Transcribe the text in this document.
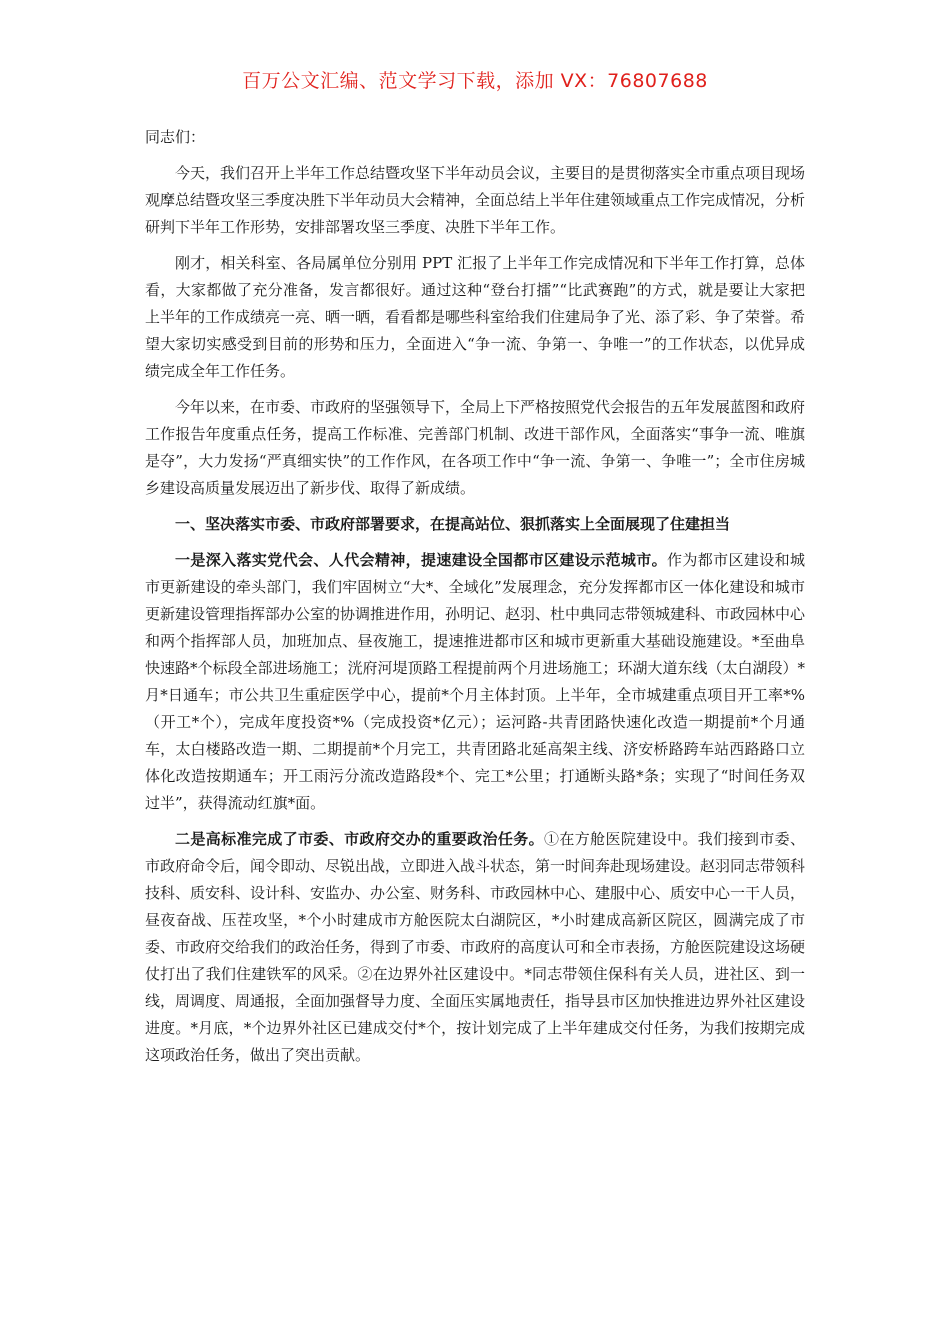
百万公文汇编、范文学习下载，添加 VX：76807688

同志们：

今天，我们召开上半年工作总结暨攻坚下半年动员会议，主要目的是贯彻落实全市重点项目现场观摩总结暨攻坚三季度决胜下半年动员大会精神，全面总结上半年住建领域重点工作完成情况，分析研判下半年工作形势，安排部署攻坚三季度、决胜下半年工作。

刚才，相关科室、各局属单位分别用 PPT 汇报了上半年工作完成情况和下半年工作打算，总体看，大家都做了充分准备，发言都很好。通过这种“登台打擂”“比武赛跑”的方式，就是要让大家把上半年的工作成绩亮一亮、晒一晒，看看都是哪些科室给我们住建局争了光、添了彩、争了荣誉。希望大家切实感受到目前的形势和压力，全面进入“争一流、争第一、争唯一”的工作状态，以优异成绩完成全年工作任务。

今年以来，在市委、市政府的坚强领导下，全局上下严格按照党代会报告的五年发展蓝图和政府工作报告年度重点任务，提高工作标准、完善部门机制、改进干部作风，全面落实“事争一流、唯旗是夺”，大力发扬“严真细实快”的工作作风，在各项工作中“争一流、争第一、争唯一”；全市住房城乡建设高质量发展迈出了新步伐、取得了新成绩。

一、坚决落实市委、市政府部署要求，在提高站位、狠抓落实上全面展现了住建担当

一是深入落实党代会、人代会精神，提速建设全国都市区建设示范城市。作为都市区建设和城市更新建设的牵头部门，我们牢固树立“大*、全域化”发展理念，充分发挥都市区一体化建设和城市更新建设管理指挥部办公室的协调推进作用，孙明记、赵羽、杜中典同志带领城建科、市政园林中心和两个指挥部人员，加班加点、昼夜施工，提速推进都市区和城市更新重大基础设施建设。*至曲阜快速路*个标段全部进场施工；洸府河堤顶路工程提前两个月进场施工；环湖大道东线（太白湖段）*月*日通车；市公共卫生重症医学中心，提前*个月主体封顶。上半年，全市城建重点项目开工率*%（开工*个），完成年度投资*%（完成投资*亿元）；运河路-共青团路快速化改造一期提前*个月通车，太白楼路改造一期、二期提前*个月完工，共青团路北延高架主线、济安桥路跨车站西路路口立体化改造按期通车；开工雨污分流改造路段*个、完工*公里；打通断头路*条；实现了“时间任务双过半”，获得流动红旗*面。

二是高标准完成了市委、市政府交办的重要政治任务。①在方舱医院建设中。我们接到市委、市政府命令后，闻令即动、尽锐出战，立即进入战斗状态，第一时间奔赴现场建设。赵羽同志带领科技科、质安科、设计科、安监办、办公室、财务科、市政园林中心、建服中心、质安中心一干人员，昼夜奋战、压茬攻坚，*个小时建成市方舱医院太白湖院区，*小时建成高新区院区，圆满完成了市委、市政府交给我们的政治任务，得到了市委、市政府的高度认可和全市表扬，方舱医院建设这场硬仗打出了我们住建铁军的风采。②在边界外社区建设中。*同志带领住保科有关人员，进社区、到一线，周调度、周通报，全面加强督导力度、全面压实属地责任，指导县市区加快推进边界外社区建设进度。*月底，*个边界外社区已建成交付*个，按计划完成了上半年建成交付任务，为我们按期完成这项政治任务，做出了突出贡献。
